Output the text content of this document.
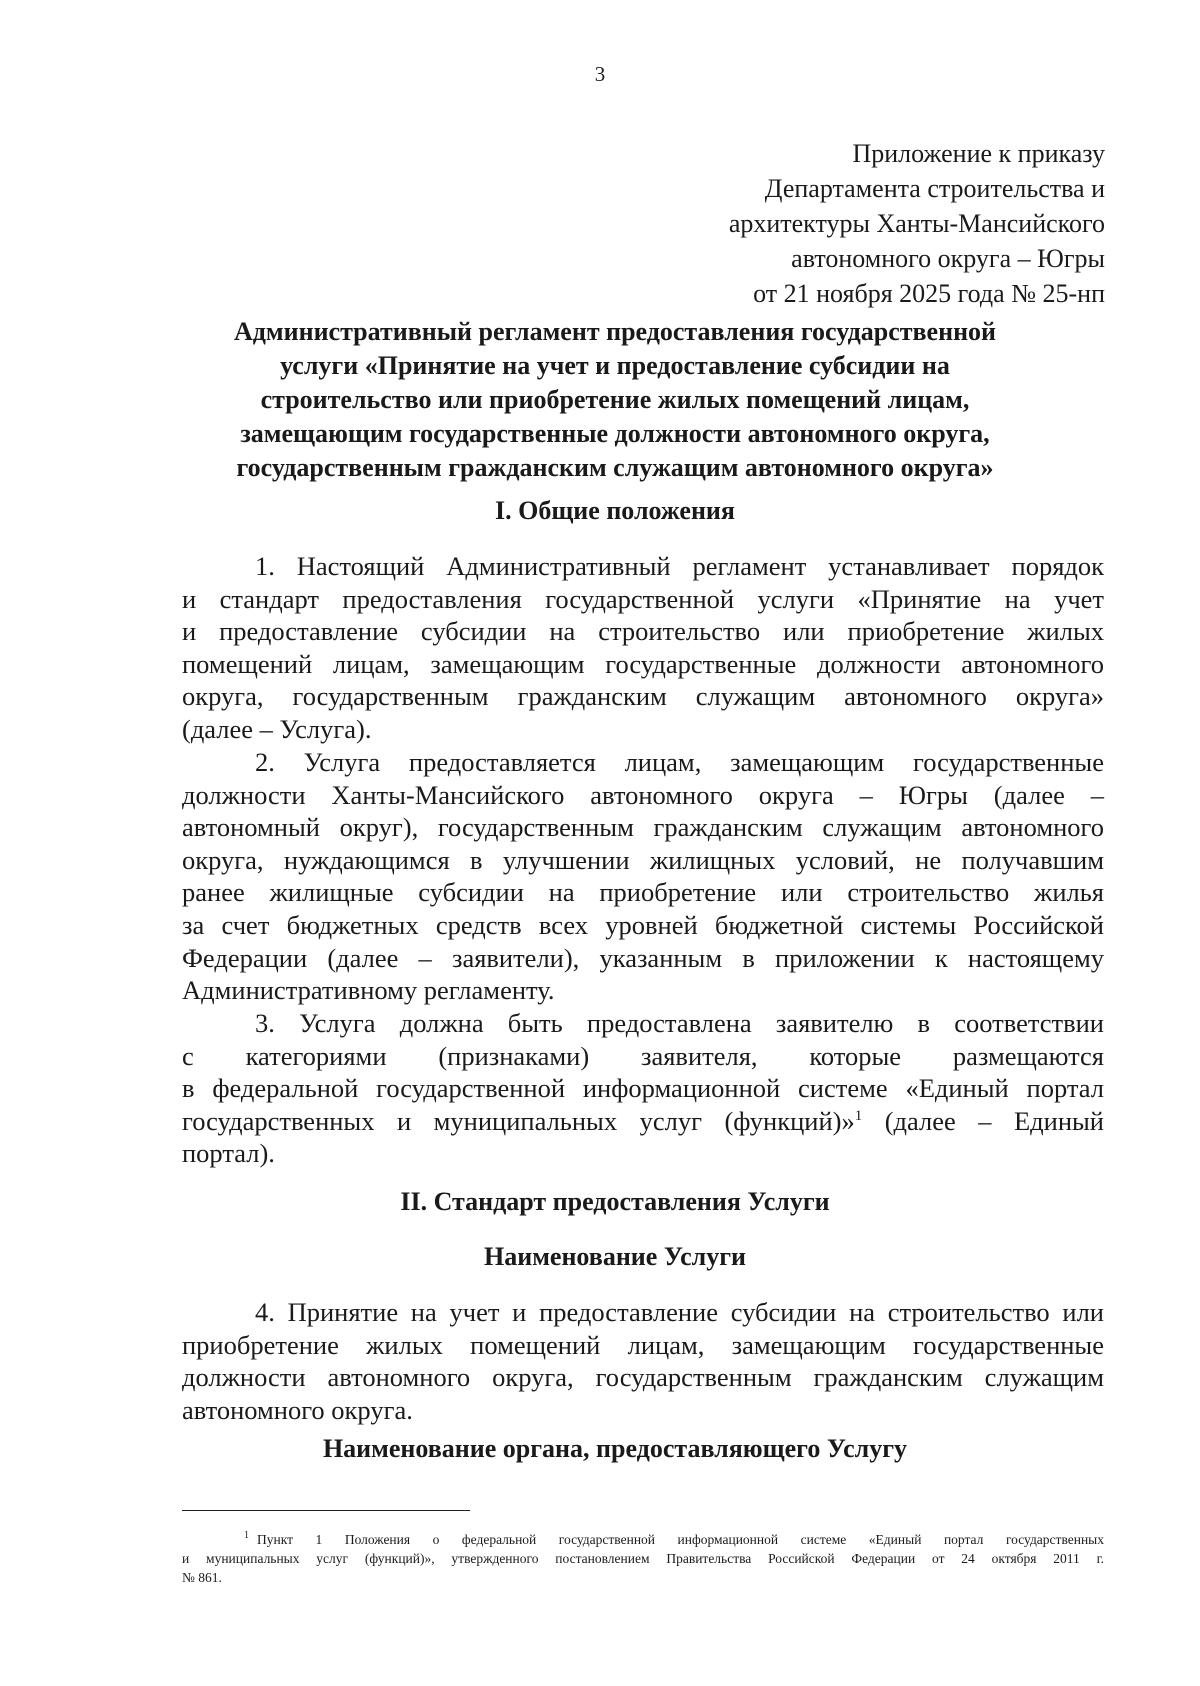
3
Приложение к приказу
Департамента строительства и
архитектуры Ханты-Мансийского
автономного округа – Югры
от 21 ноября 2025 года № 25-нп
Административный регламент предоставления государственной
услуги «Принятие на учет и предоставление субсидии на
строительство или приобретение жилых помещений лицам,
замещающим государственные должности автономного округа,
государственным гражданским служащим автономного округа»
I. Общие положения
1. Настоящий Административный регламент устанавливает порядок
и стандарт предоставления государственной услуги «Принятие на учет
и предоставление субсидии на строительство или приобретение жилых
помещений лицам, замещающим государственные должности автономного
округа, государственным гражданским служащим автономного округа»
(далее – Услуга).
2. Услуга предоставляется лицам, замещающим государственные
должности Ханты-Мансийского автономного округа – Югры (далее –
автономный округ), государственным гражданским служащим автономного
округа, нуждающимся в улучшении жилищных условий, не получавшим
ранее жилищные субсидии на приобретение или строительство жилья
за счет бюджетных средств всех уровней бюджетной системы Российской
Федерации (далее – заявители), указанным в приложении к настоящему
Административному регламенту.
3. Услуга должна быть предоставлена заявителю в соответствии
с категориями (признаками) заявителя, которые размещаются
в федеральной государственной информационной системе «Единый портал
государственных и муниципальных услуг (функций)»$^1$ (далее – Единый
портал).
II. Стандарт предоставления Услуги
Наименование Услуги
4. Принятие на учет и предоставление субсидии на строительство или
приобретение жилых помещений лицам, замещающим государственные
должности автономного округа, государственным гражданским служащим
автономного округа.
Наименование органа, предоставляющего Услугу
$^1$ Пункт 1 Положения о федеральной государственной информационной системе «Единый портал государственных
и муниципальных услуг (функций)», утвержденного постановлением Правительства Российской Федерации от 24 октября 2011 г.
№ 861.
